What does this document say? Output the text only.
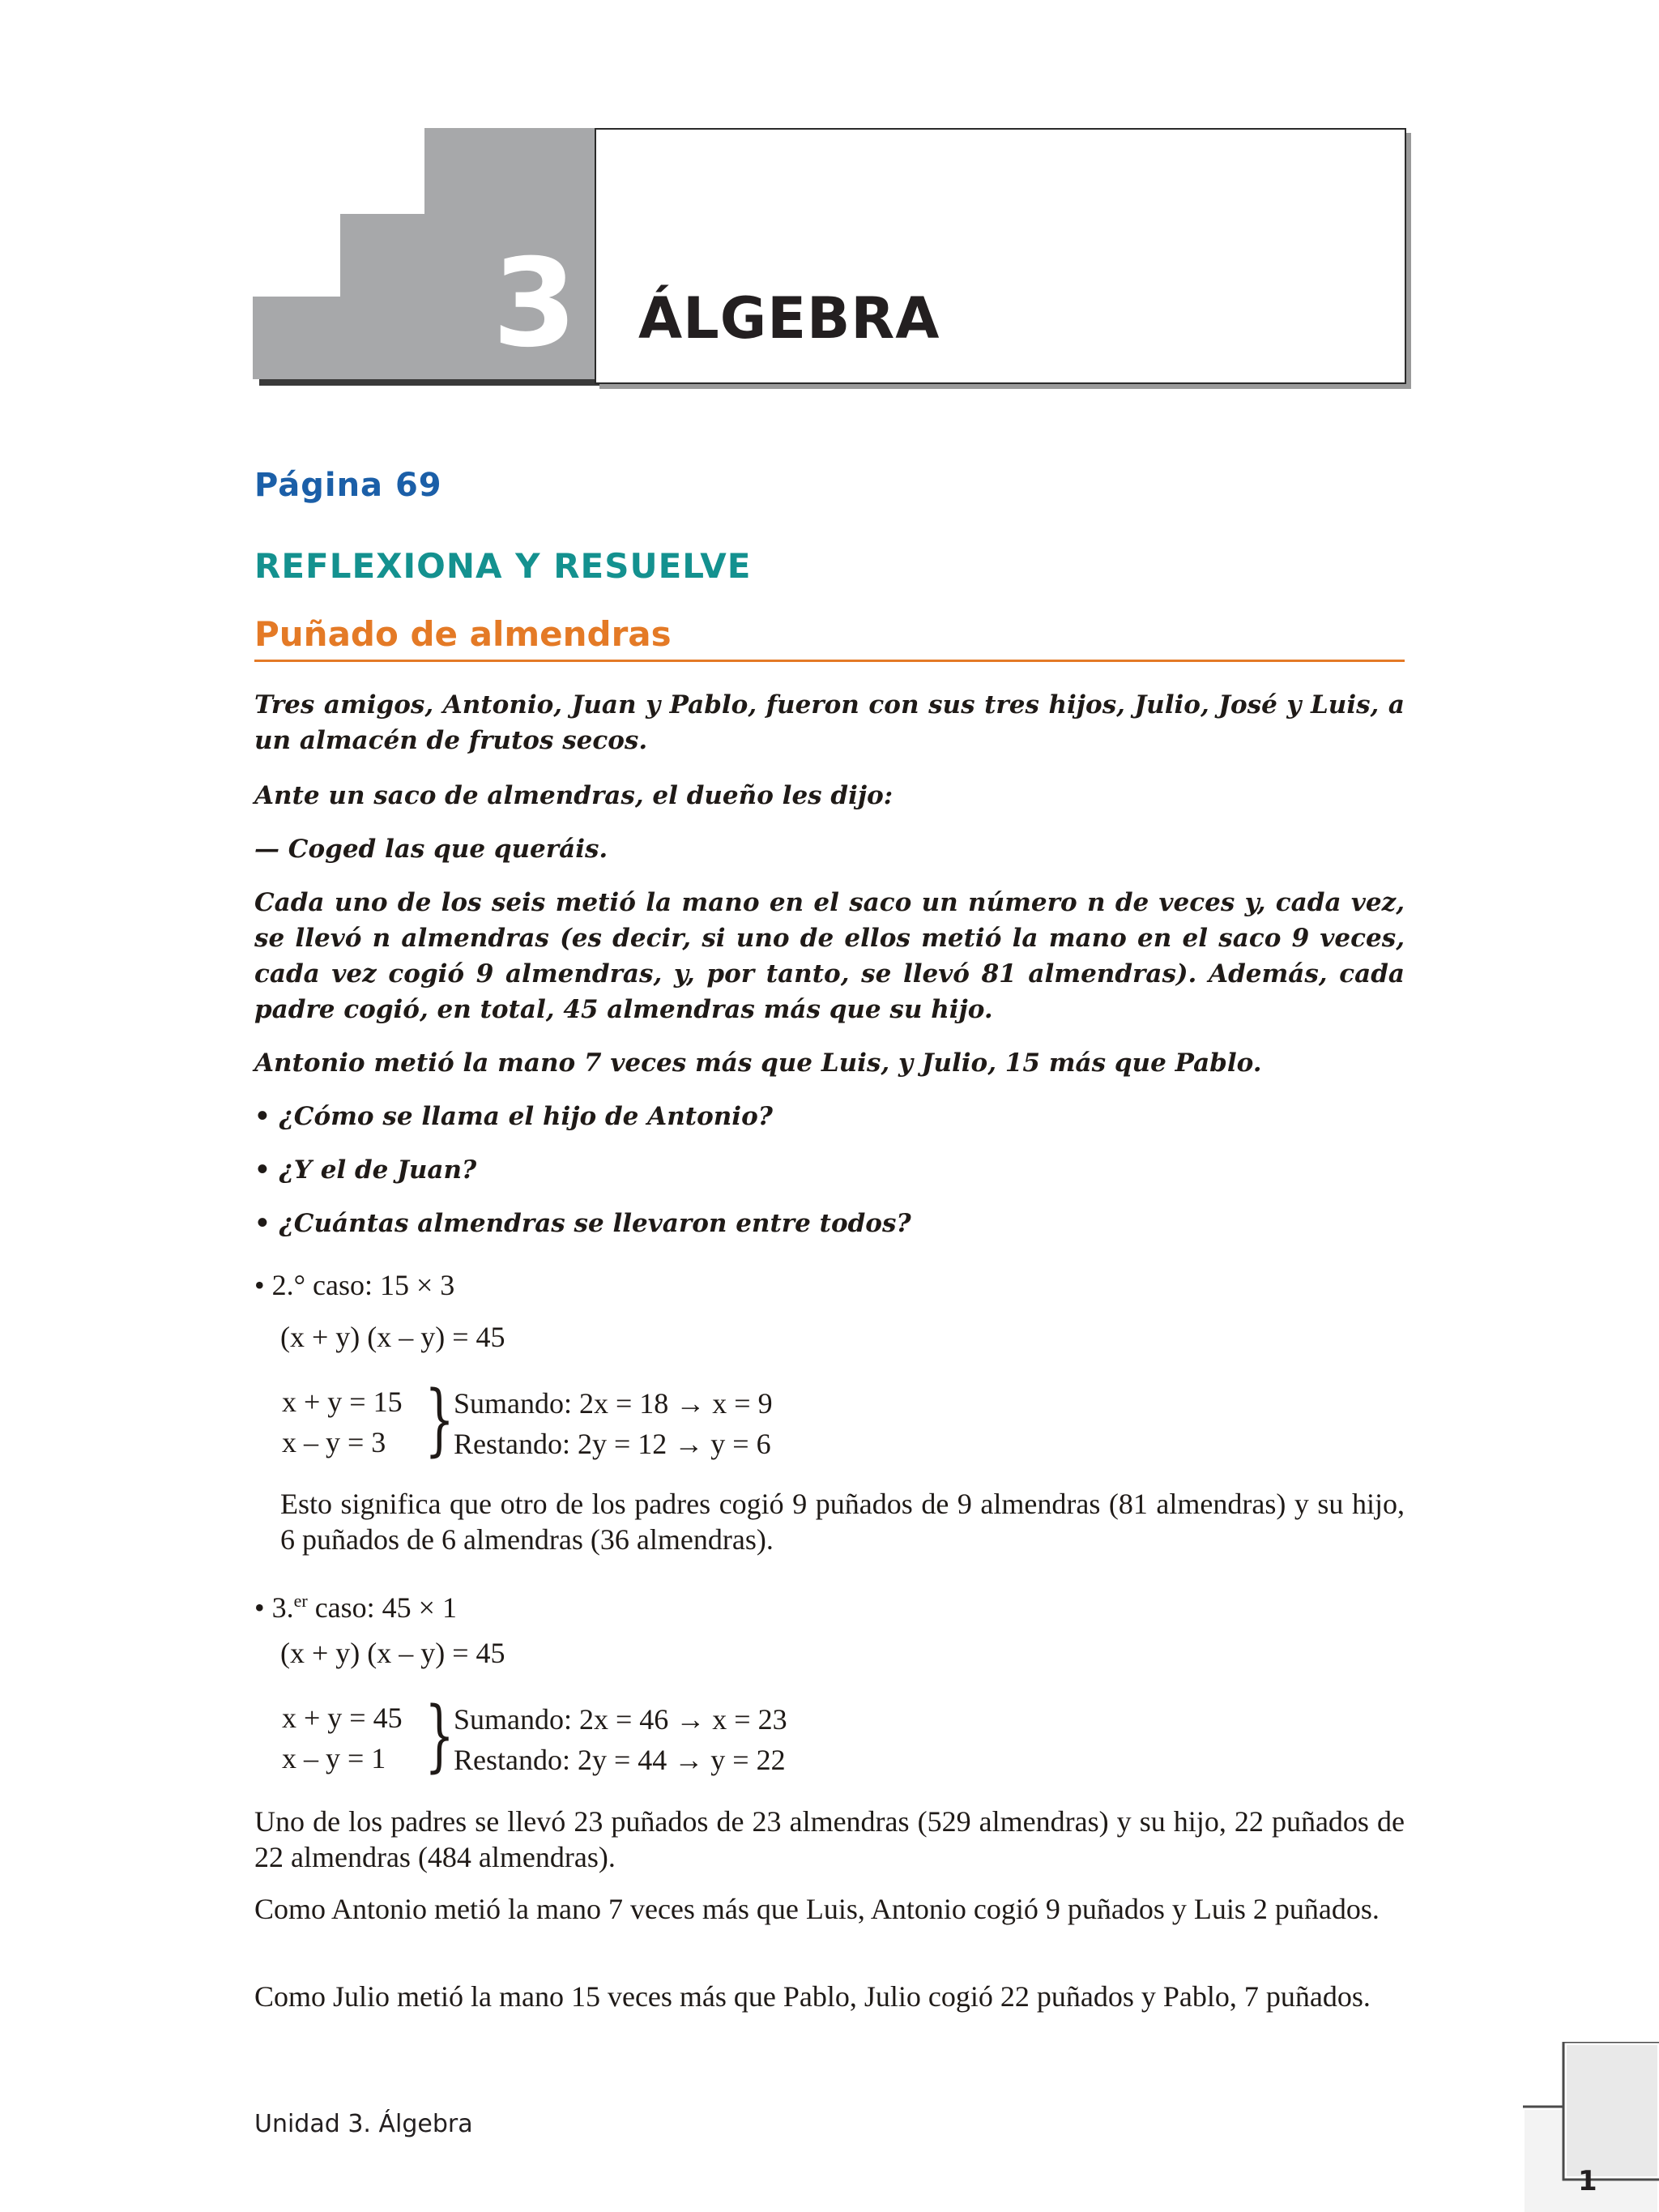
3 ÁLGEBRA
Página 69
REFLEXIONA Y RESUELVE
Puñado de almendras
Tres amigos, Antonio, Juan y Pablo, fueron con sus tres hijos, Julio, José y Luis, a un almacén de frutos secos.
Ante un saco de almendras, el dueño les dijo:
— Coged las que queráis.
Cada uno de los seis metió la mano en el saco un número n de veces y, cada vez, se llevó n almendras (es decir, si uno de ellos metió la mano en el saco 9 veces, cada vez cogió 9 almendras, y, por tanto, se llevó 81 almendras). Además, cada padre cogió, en total, 45 almendras más que su hijo.
Antonio metió la mano 7 veces más que Luis, y Julio, 15 más que Pablo.
• ¿Cómo se llama el hijo de Antonio?
• ¿Y el de Juan?
• ¿Cuántas almendras se llevaron entre todos?
• 2.° caso: 15 × 3
(x + y) (x – y) = 45
x + y = 15
x – y = 3 } Sumando: 2x = 18 → x = 9
Restando: 2y = 12 → y = 6
Esto significa que otro de los padres cogió 9 puñados de 9 almendras (81 almendras) y su hijo, 6 puñados de 6 almendras (36 almendras).
• 3.$^{er}$ caso: 45 × 1
(x + y) (x – y) = 45
x + y = 45
x – y = 1 } Sumando: 2x = 46 → x = 23
Restando: 2y = 44 → y = 22
Uno de los padres se llevó 23 puñados de 23 almendras (529 almendras) y su hijo, 22 puñados de 22 almendras (484 almendras).
Como Antonio metió la mano 7 veces más que Luis, Antonio cogió 9 puñados y Luis 2 puñados.
Como Julio metió la mano 15 veces más que Pablo, Julio cogió 22 puñados y Pablo, 7 puñados.
Unidad 3. Álgebra
1
